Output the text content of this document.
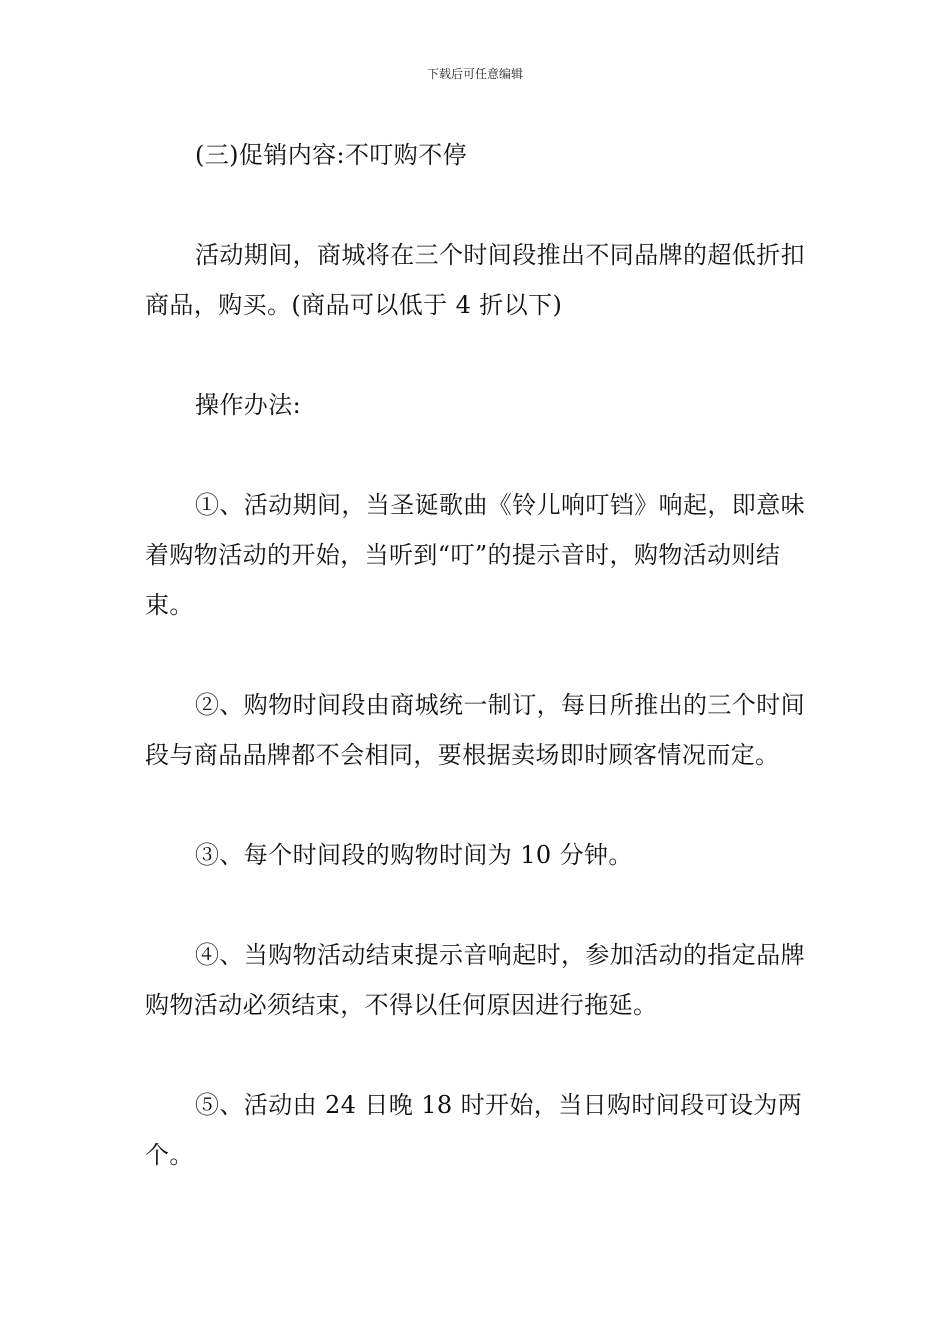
下载后可任意编辑

(三)促销内容:不叮购不停

活动期间，商城将在三个时间段推出不同品牌的超低折扣商品，购买。(商品可以低于 4 折以下)

操作办法:

①、活动期间，当圣诞歌曲《铃儿响叮铛》响起，即意味着购物活动的开始，当听到“叮”的提示音时，购物活动则结束。

②、购物时间段由商城统一制订，每日所推出的三个时间段与商品品牌都不会相同，要根据卖场即时顾客情况而定。

③、每个时间段的购物时间为 10 分钟。

④、当购物活动结束提示音响起时，参加活动的指定品牌购物活动必须结束，不得以任何原因进行拖延。

⑤、活动由 24 日晚 18 时开始，当日购时间段可设为两个。
